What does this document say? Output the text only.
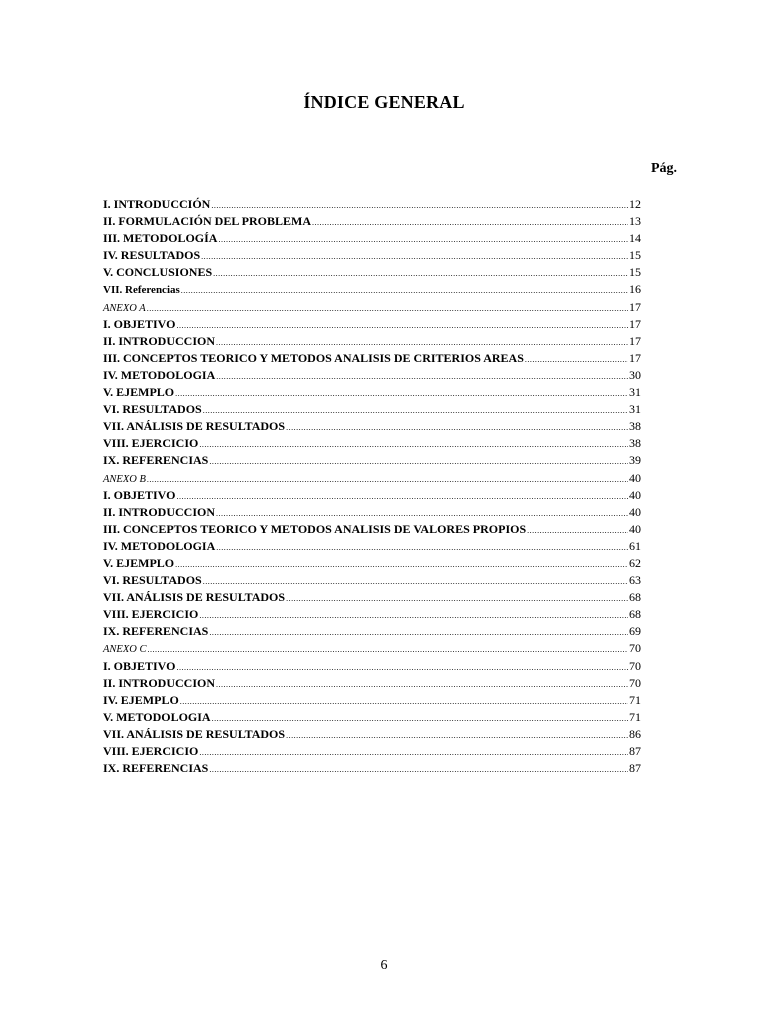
ÍNDICE GENERAL
Pág.
I. INTRODUCCIÓN .....	12
II. FORMULACIÓN DEL PROBLEMA .....	13
III. METODOLOGÍA .....	14
IV. RESULTADOS .....	15
V. CONCLUSIONES .....	15
VII. Referencias .....	16
ANEXO A .....	17
I. OBJETIVO .....	17
II. INTRODUCCION .....	17
III. CONCEPTOS TEORICO Y METODOS ANALISIS DE CRITERIOS AREAS .....	17
IV. METODOLOGIA .....	30
V. EJEMPLO .....	31
VI. RESULTADOS .....	31
VII. ANÁLISIS DE RESULTADOS .....	38
VIII. EJERCICIO .....	38
IX. REFERENCIAS .....	39
ANEXO B .....	40
I. OBJETIVO .....	40
II. INTRODUCCION .....	40
III. CONCEPTOS TEORICO Y METODOS ANALISIS DE VALORES PROPIOS .....	40
IV. METODOLOGIA .....	61
V. EJEMPLO .....	62
VI. RESULTADOS .....	63
VII. ANÁLISIS DE RESULTADOS .....	68
VIII. EJERCICIO .....	68
IX. REFERENCIAS .....	69
ANEXO C .....	70
I. OBJETIVO .....	70
II. INTRODUCCION .....	70
IV. EJEMPLO .....	71
V. METODOLOGIA .....	71
VII. ANÁLISIS DE RESULTADOS .....	86
VIII. EJERCICIO .....	87
IX. REFERENCIAS .....	87
6
